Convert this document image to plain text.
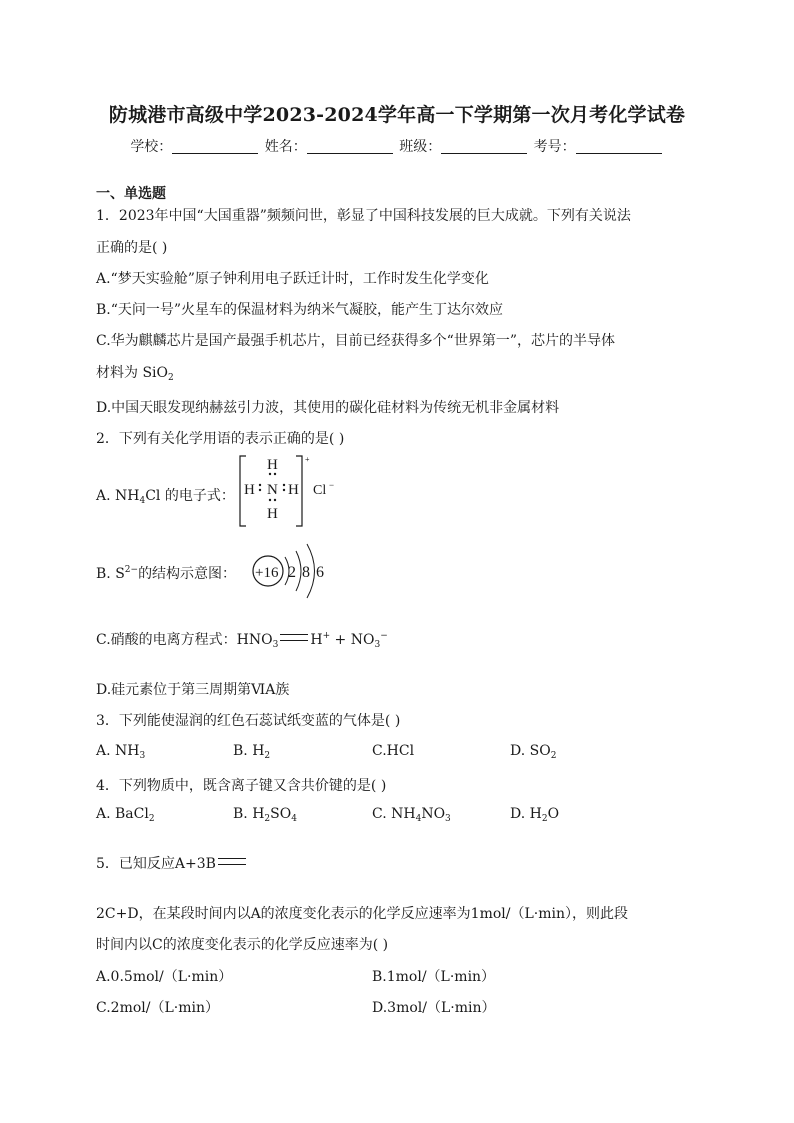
防城港市高级中学2023-2024学年高一下学期第一次月考化学试卷
学校：	姓名：	班级：	考号：
一、单选题
1．2023年中国“大国重器”频频问世，彰显了中国科技发展的巨大成就。下列有关说法
正确的是( )
A.“梦天实验舱”原子钟利用电子跃迁计时，工作时发生化学变化
B.“天问一号”火星车的保温材料为纳米气凝胶，能产生丁达尔效应
C.华为麒麟芯片是国产最强手机芯片，目前已经获得多个“世界第一”，芯片的半导体
材料为 SiO$_2$
D.中国天眼发现纳赫兹引力波，其使用的碳化硅材料为传统无机非金属材料
2．下列有关化学用语的表示正确的是( )
A. $NH_4Cl$ 的电子式：
H
H N H
H
+
Cl −
B. $S^{2-}$的结构示意图： +16 2 8 6
C.硝酸的电离方程式：$HNO_3$ $H^+ + NO_3^-$
D.硅元素位于第三周期第ⅥA族
3．下列能使湿润的红色石蕊试纸变蓝的气体是( )
A. $NH_3$	B. $H_2$	C.HCl	D. $SO_2$
4．下列物质中，既含离子键又含共价键的是( )
A. BaCl$_2$	B. $H_2SO_4$	C. $NH_4NO_3$	D. $H_2O$
5．已知反应A+3B
2C+D，在某段时间内以A的浓度变化表示的化学反应速率为1mol/（L·min），则此段
时间内以C的浓度变化表示的化学反应速率为( )
A.0.5mol/（L·min）	B.1mol/（L·min）
C.2mol/（L·min）	D.3mol/（L·min）
